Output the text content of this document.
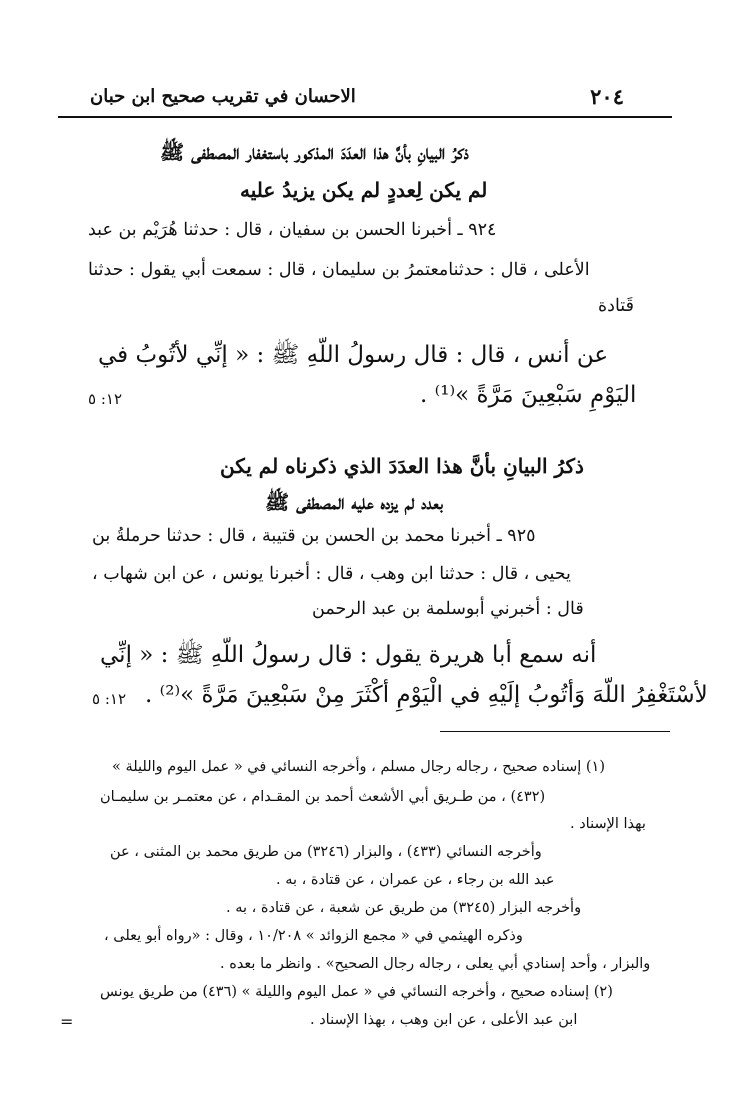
٢٠٤
الاحسان في تقريب صحيح ابن حبان
ذكرُ البيانِ بأنَّ هذا العدَدَ المذكور باستغفار المصطفى ﷺ
لم يكن لِعددٍ لم يكن يزيدُ عليه
٩٢٤ ـ أخبرنا الحسن بن سفيان ، قال : حدثنا هُرَيْم بن عبد
الأعلى ، قال : حدثنامعتمرُ بن سليمان ، قال : سمعت أبي يقول : حدثنا
قَتادة
عن أنس ، قال : قال رسولُ اللّهِ ﷺ : « إنِّي لأتُوبُ في
اليَوْمِ سَبْعِينَ مَرَّةً »⁽¹⁾ .
١٢: ٥
ذكرُ البيانِ بأنَّ هذا العدَدَ الذي ذكرناه لم يكن
بعدد لم يزده عليه المصطفى ﷺ
٩٢٥ ـ أخبرنا محمد بن الحسن بن قتيبة ، قال : حدثنا حرملةُ بن
يحيى ، قال : حدثنا ابن وهب ، قال : أخبرنا يونس ، عن ابن شهاب ،
قال : أخبرني أبوسلمة بن عبد الرحمن
أنه سمع أبا هريرة يقول : قال رسولُ اللّهِ ﷺ : « إنِّي
لأسْتَغْفِرُ اللّهَ وَأتُوبُ إلَيْهِ في الْيَوْمِ أكْثَرَ مِنْ سَبْعِينَ مَرَّةً »⁽²⁾ .
١٢: ٥
(١) إسناده صحيح ، رجاله رجال مسلم ، وأخرجه النسائي في « عمل اليوم والليلة »
(٤٣٢) ، من طـريق أبي الأشعث أحمد بن المقـدام ، عن معتمـر بن سليمـان
بهذا الإسناد .
وأخرجه النسائي (٤٣٣) ، والبزار (٣٢٤٦) من طريق محمد بن المثنى ، عن
عبد الله بن رجاء ، عن عمران ، عن قتادة ، به .
وأخرجه البزار (٣٢٤٥) من طريق عن شعبة ، عن قتادة ، به .
وذكره الهيثمي في « مجمع الزوائد » ١٠/٢٠٨ ، وقال : «رواه أبو يعلى ،
والبزار ، وأحد إسنادي أبي يعلى ، رجاله رجال الصحيح» . وانظر ما بعده .
(٢) إسناده صحيح ، وأخرجه النسائي في « عمل اليوم والليلة » (٤٣٦) من طريق يونس
ابن عبد الأعلى ، عن ابن وهب ، بهذا الإسناد .
=
